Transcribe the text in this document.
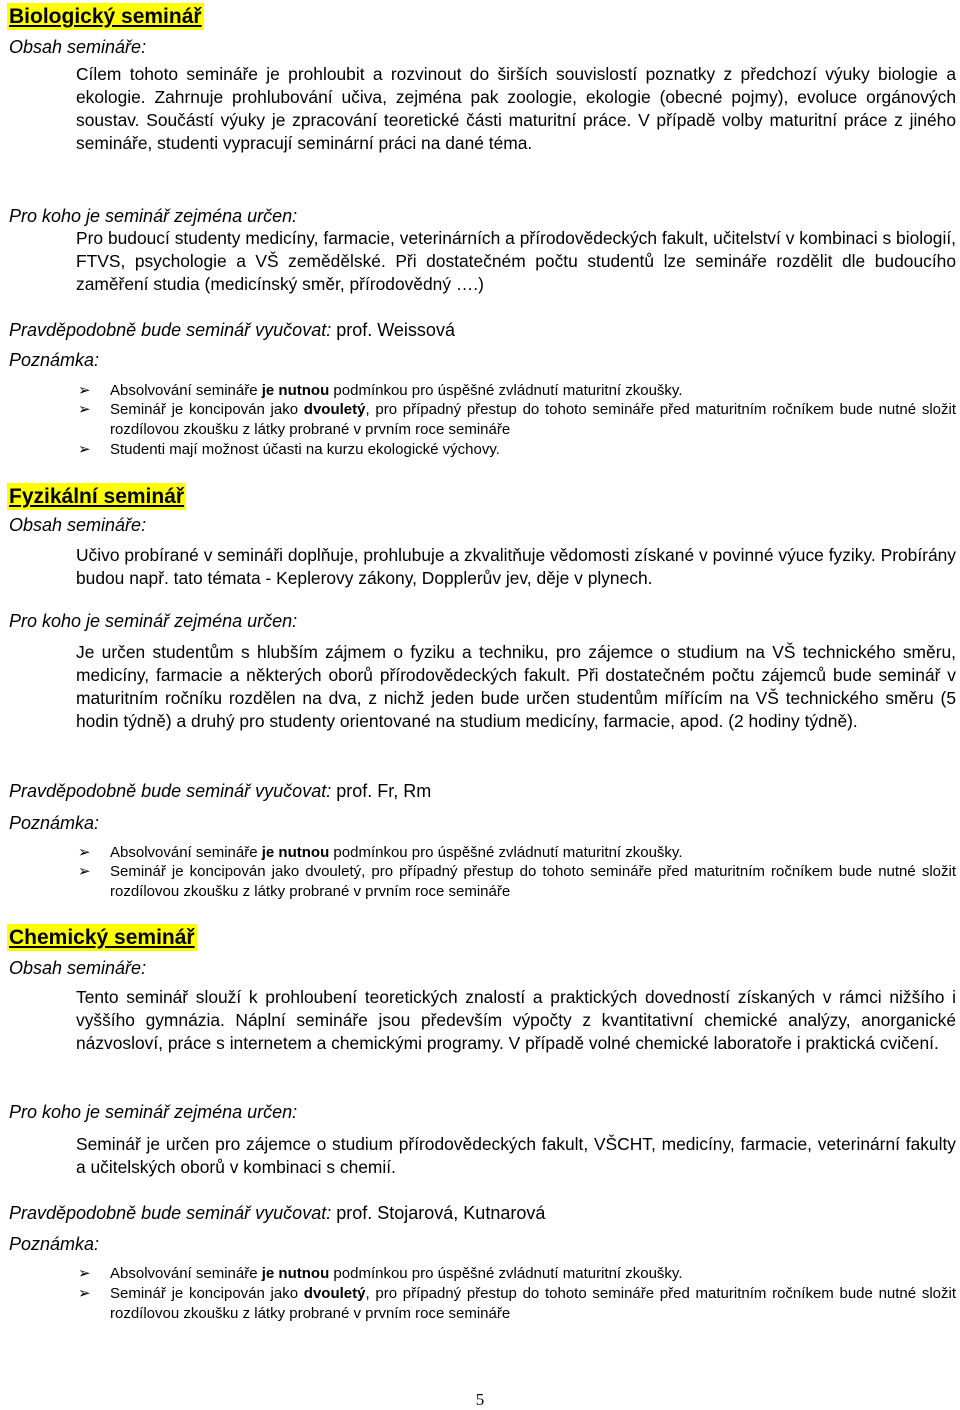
Biologický seminář
Obsah semináře:
Cílem tohoto semináře je prohloubit a rozvinout do širších souvislostí poznatky z předchozí výuky biologie a ekologie. Zahrnuje prohlubování učiva, zejména pak zoologie, ekologie (obecné pojmy), evoluce orgánových soustav. Součástí výuky je zpracování teoretické části maturitní práce. V případě volby maturitní práce z jiného semináře, studenti vypracují seminární práci na dané téma.
Pro koho je seminář zejména určen:
Pro budoucí studenty medicíny, farmacie, veterinárních a přírodovědeckých fakult, učitelství v kombinaci s biologií, FTVS, psychologie a VŠ zemědělské. Při dostatečném počtu studentů lze semináře rozdělit dle budoucího zaměření studia (medicínský směr, přírodovědný ….)
Pravděpodobně bude seminář vyučovat: prof. Weissová
Poznámka:
➢	Absolvování semináře je nutnou podmínkou pro úspěšné zvládnutí maturitní zkoušky.
➢	Seminář je koncipován jako dvouletý, pro případný přestup do tohoto semináře před maturitním ročníkem bude nutné složit rozdílovou zkoušku z látky probrané v prvním roce semináře
➢	Studenti mají možnost účasti na kurzu ekologické výchovy.
Fyzikální seminář
Obsah semináře:
Učivo probírané v semináři doplňuje, prohlubuje a zkvalitňuje vědomosti získané v povinné výuce fyziky. Probírány budou např. tato témata - Keplerovy zákony, Dopplerův jev, děje v plynech.
Pro koho je seminář zejména určen:
Je určen studentům s hlubším zájmem o fyziku a techniku, pro zájemce o studium na VŠ technického směru, medicíny, farmacie a některých oborů přírodovědeckých fakult. Při dostatečném počtu zájemců bude seminář v maturitním ročníku rozdělen na dva, z nichž jeden bude určen studentům mířícím na VŠ technického směru (5 hodin týdně) a druhý pro studenty orientované na studium medicíny, farmacie, apod. (2 hodiny týdně).
Pravděpodobně bude seminář vyučovat: prof. Fr, Rm
Poznámka:
➢	Absolvování semináře je nutnou podmínkou pro úspěšné zvládnutí maturitní zkoušky.
➢	Seminář je koncipován jako dvouletý, pro případný přestup do tohoto semináře před maturitním ročníkem bude nutné složit rozdílovou zkoušku z látky probrané v prvním roce semináře
Chemický seminář
Obsah semináře:
Tento seminář slouží k prohloubení teoretických znalostí a praktických dovedností získaných v rámci nižšího i vyššího gymnázia. Náplní semináře jsou především výpočty z kvantitativní chemické analýzy, anorganické názvosloví, práce s internetem a chemickými programy. V případě volné chemické laboratoře i praktická cvičení.
Pro koho je seminář zejména určen:
Seminář je určen pro zájemce o studium přírodovědeckých fakult, VŠCHT, medicíny, farmacie, veterinární fakulty a učitelských oborů v kombinaci s chemií.
Pravděpodobně bude seminář vyučovat: prof. Stojarová, Kutnarová
Poznámka:
➢	Absolvování semináře je nutnou podmínkou pro úspěšné zvládnutí maturitní zkoušky.
➢	Seminář je koncipován jako dvouletý, pro případný přestup do tohoto semináře před maturitním ročníkem bude nutné složit rozdílovou zkoušku z látky probrané v prvním roce semináře
5
